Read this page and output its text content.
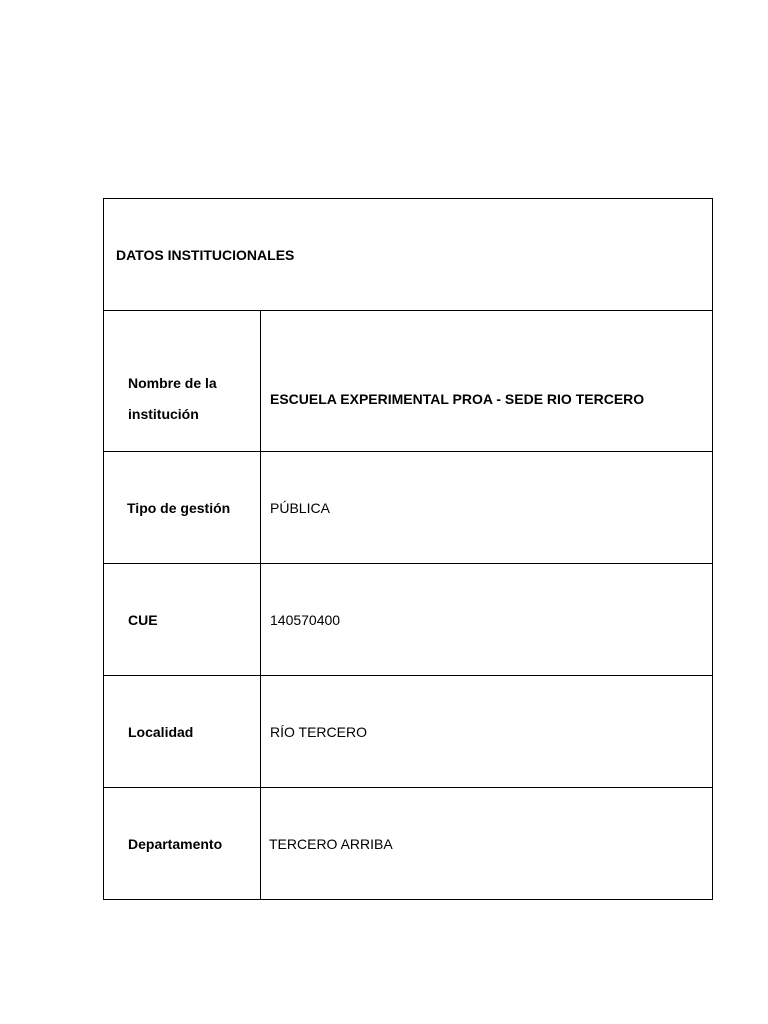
DATOS INSTITUCIONALES	

Nombre de la institución	ESCUELA EXPERIMENTAL PROA - SEDE RIO TERCERO

Tipo de gestión	PÚBLICA

CUE	140570400

Localidad	RÍO TERCERO

Departamento	TERCERO ARRIBA
